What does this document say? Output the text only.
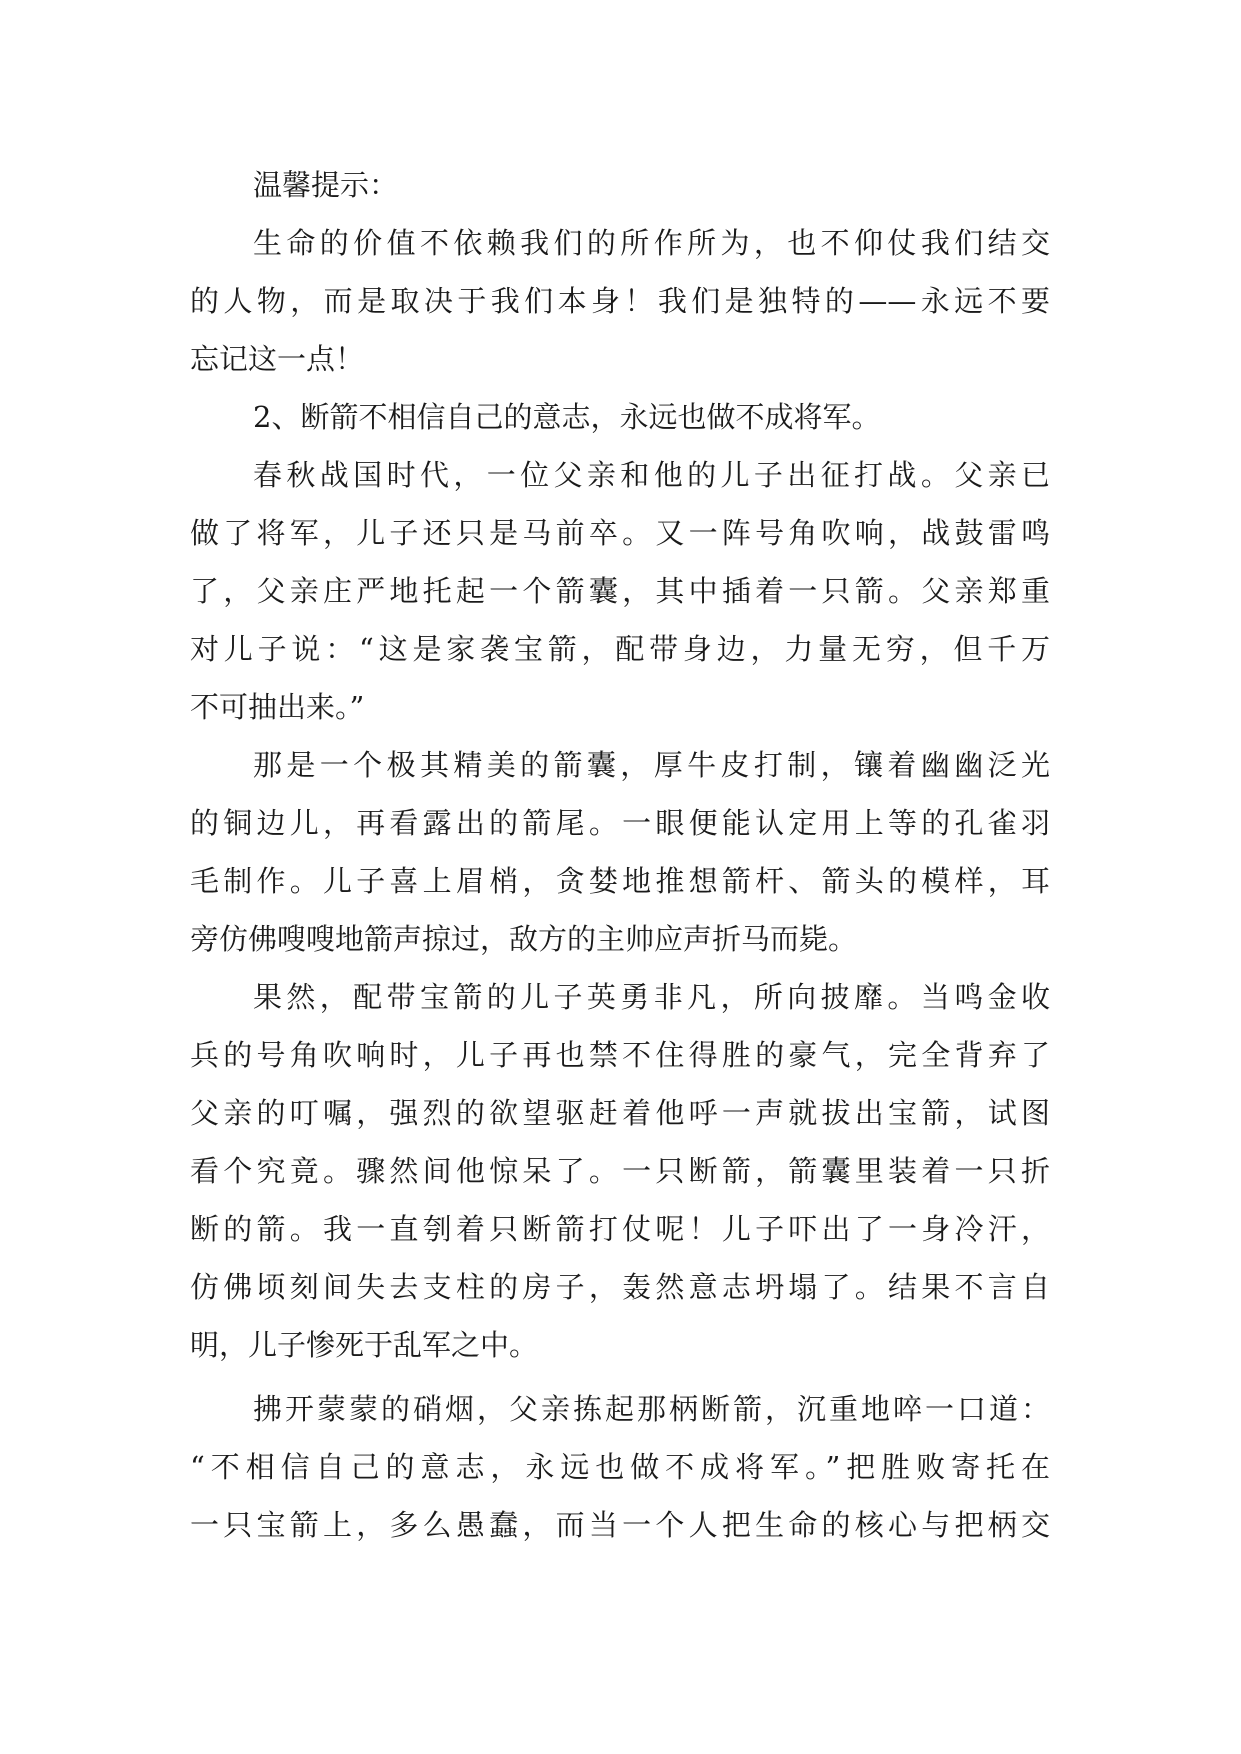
温馨提示：
生命的价值不依赖我们的所作所为，也不仰仗我们结交
的人物，而是取决于我们本身！我们是独特的——永远不要
忘记这一点！
2、断箭不相信自己的意志，永远也做不成将军。
春秋战国时代，一位父亲和他的儿子出征打战。父亲已
做了将军，儿子还只是马前卒。又一阵号角吹响，战鼓雷鸣
了，父亲庄严地托起一个箭囊，其中插着一只箭。父亲郑重
对儿子说：“这是家袭宝箭，配带身边，力量无穷，但千万
不可抽出来。”
那是一个极其精美的箭囊，厚牛皮打制，镶着幽幽泛光
的铜边儿，再看露出的箭尾。一眼便能认定用上等的孔雀羽
毛制作。儿子喜上眉梢，贪婪地推想箭杆、箭头的模样，耳
旁仿佛嗖嗖地箭声掠过，敌方的主帅应声折马而毙。
果然，配带宝箭的儿子英勇非凡，所向披靡。当鸣金收
兵的号角吹响时，儿子再也禁不住得胜的豪气，完全背弃了
父亲的叮嘱，强烈的欲望驱赶着他呼一声就拔出宝箭，试图
看个究竟。骤然间他惊呆了。一只断箭，箭囊里装着一只折
断的箭。我一直刳着只断箭打仗呢！儿子吓出了一身冷汗，
仿佛顷刻间失去支柱的房子，轰然意志坍塌了。结果不言自
明，儿子惨死于乱军之中。
拂开蒙蒙的硝烟，父亲拣起那柄断箭，沉重地啐一口道：
“不相信自己的意志，永远也做不成将军。”把胜败寄托在
一只宝箭上，多么愚蠢，而当一个人把生命的核心与把柄交
